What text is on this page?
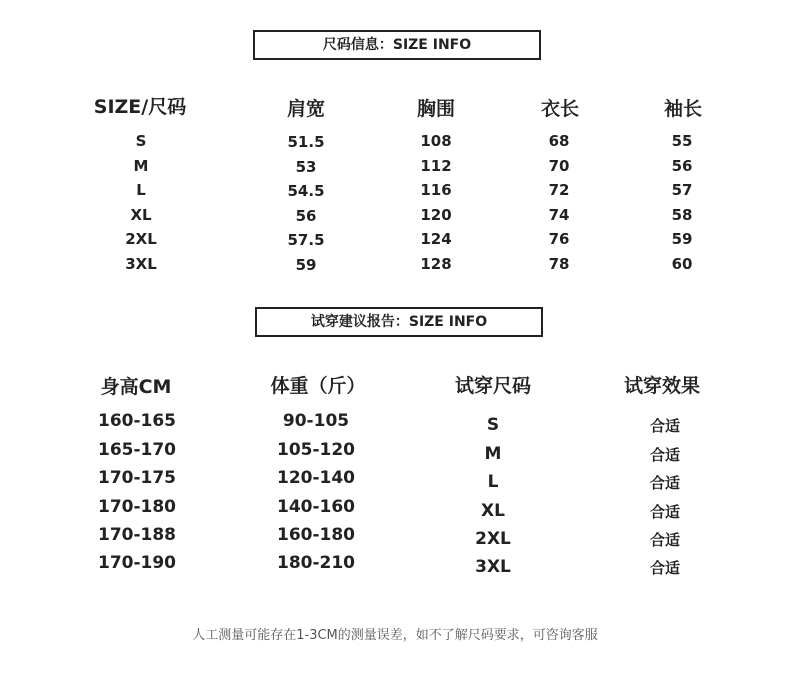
尺码信息：SIZE INFO
SIZE/尺码	肩宽	胸围	衣长	袖长
S	51.5	108	68	55
M	53	112	70	56
L	54.5	116	72	57
XL	56	120	74	58
2XL	57.5	124	76	59
3XL	59	128	78	60
试穿建议报告：SIZE INFO
身高CM	体重（斤）	试穿尺码	试穿效果
160-165	90-105	S	合适
165-170	105-120	M	合适
170-175	120-140	L	合适
170-180	140-160	XL	合适
170-188	160-180	2XL	合适
170-190	180-210	3XL	合适
人工测量可能存在1-3CM的测量误差，如不了解尺码要求，可咨询客服
